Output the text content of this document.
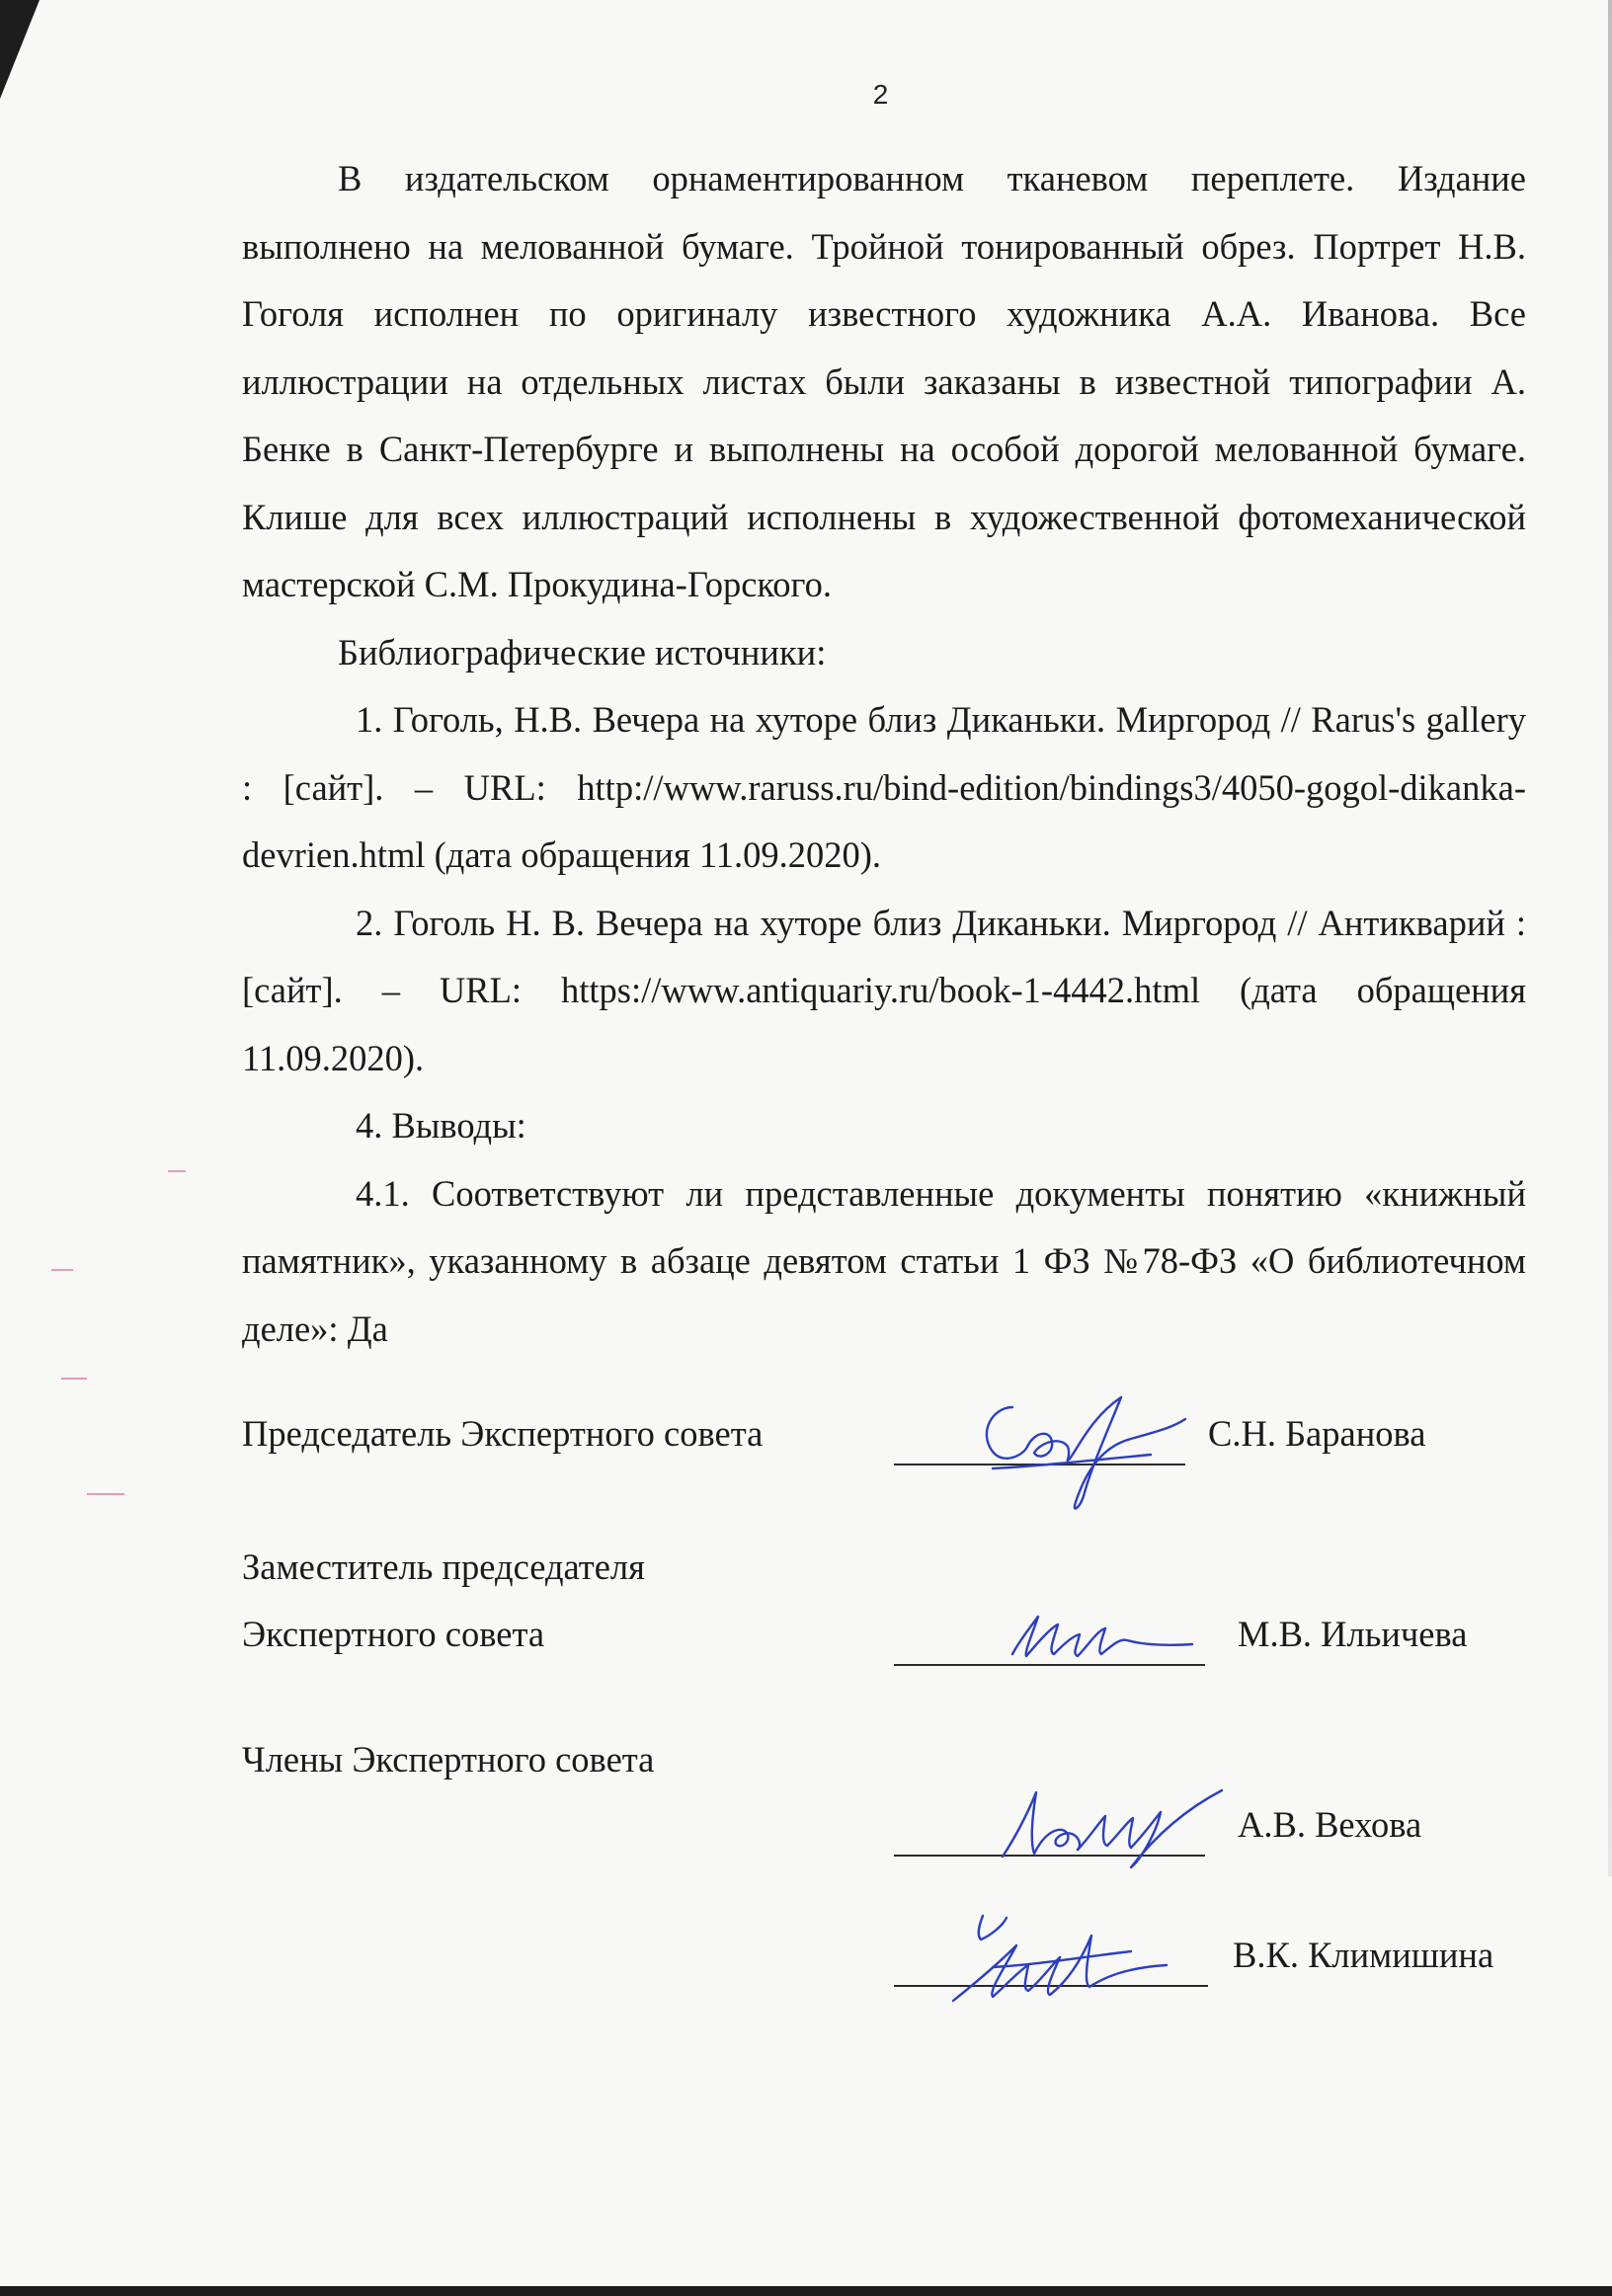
2

В издательском орнаментированном тканевом переплете. Издание выполнено на мелованной бумаге. Тройной тонированный обрез. Портрет Н.В. Гоголя исполнен по оригиналу известного художника А.А. Иванова. Все иллюстрации на отдельных листах были заказаны в известной типографии А. Бенке в Санкт-Петербурге и выполнены на особой дорогой мелованной бумаге. Клише для всех иллюстраций исполнены в художественной фотомеханической мастерской С.М. Прокудина-Горского.

Библиографические источники:

1. Гоголь, Н.В. Вечера на хуторе близ Диканьки. Миргород // Rarus's gallery : [сайт]. – URL: http://www.raruss.ru/bind-edition/bindings3/4050-gogol-dikanka-devrien.html (дата обращения 11.09.2020).

2. Гоголь Н. В. Вечера на хуторе близ Диканьки. Миргород // Антикварий : [сайт]. – URL: https://www.antiquariy.ru/book-1-4442.html (дата обращения 11.09.2020).

4. Выводы:

4.1. Соответствуют ли представленные документы понятию «книжный памятник», указанному в абзаце девятом статьи 1 ФЗ №78-ФЗ «О библиотечном деле»: Да

Председатель Экспертного совета	С.Н. Баранова
Заместитель председателя
Экспертного совета	М.В. Ильичева
Члены Экспертного совета
А.В. Вехова
В.К. Климишина
